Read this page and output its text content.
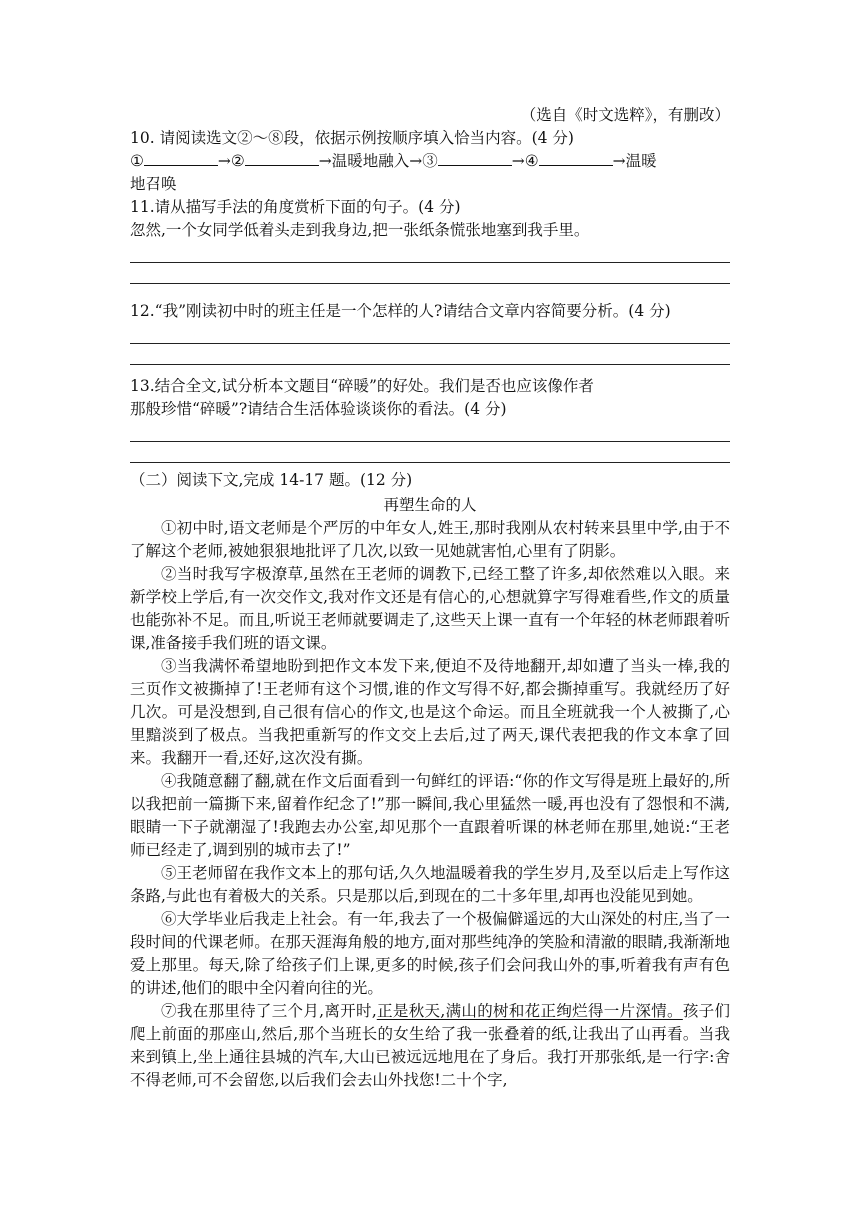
（选自《时文选粹》，有删改）
10. 请阅读选文②～⑧段，依据示例按顺序填入恰当内容。(4 分)
①	→②	→温暖地融入→③	→④	→温暖
地召唤
11.请从描写手法的角度赏析下面的句子。(4 分)
忽然,一个女同学低着头走到我身边,把一张纸条慌张地塞到我手里。
12.“我”刚读初中时的班主任是一个怎样的人?请结合文章内容简要分析。(4 分)
13.结合全文,试分析本文题目“碎暖”的好处。我们是否也应该像作者
那般珍惜“碎暖”?请结合生活体验谈谈你的看法。(4 分)
（二）阅读下文,完成 14-17 题。(12 分)
再塑生命的人

①初中时,语文老师是个严厉的中年女人,姓王,那时我刚从农村转来县里中学,由于不了解这个老师,被她狠狠地批评了几次,以致一见她就害怕,心里有了阴影。

②当时我写字极潦草,虽然在王老师的调教下,已经工整了许多,却依然难以入眼。来新学校上学后,有一次交作文,我对作文还是有信心的,心想就算字写得难看些,作文的质量也能弥补不足。而且,听说王老师就要调走了,这些天上课一直有一个年轻的林老师跟着听课,准备接手我们班的语文课。

③当我满怀希望地盼到把作文本发下来,便迫不及待地翻开,却如遭了当头一棒,我的三页作文被撕掉了!王老师有这个习惯,谁的作文写得不好,都会撕掉重写。我就经历了好几次。可是没想到,自己很有信心的作文,也是这个命运。而且全班就我一个人被撕了,心里黯淡到了极点。当我把重新写的作文交上去后,过了两天,课代表把我的作文本拿了回来。我翻开一看,还好,这次没有撕。

④我随意翻了翻,就在作文后面看到一句鲜红的评语:“你的作文写得是班上最好的,所以我把前一篇撕下来,留着作纪念了!”那一瞬间,我心里猛然一暖,再也没有了怨恨和不满,眼睛一下子就潮湿了!我跑去办公室,却见那个一直跟着听课的林老师在那里,她说:“王老师已经走了,调到别的城市去了!”

⑤王老师留在我作文本上的那句话,久久地温暖着我的学生岁月,及至以后走上写作这条路,与此也有着极大的关系。只是那以后,到现在的二十多年里,却再也没能见到她。

⑥大学毕业后我走上社会。有一年,我去了一个极偏僻遥远的大山深处的村庄,当了一段时间的代课老师。在那天涯海角般的地方,面对那些纯净的笑脸和清澈的眼睛,我渐渐地爱上那里。每天,除了给孩子们上课,更多的时候,孩子们会问我山外的事,听着我有声有色的讲述,他们的眼中全闪着向往的光。

⑦我在那里待了三个月,离开时,正是秋天,满山的树和花正绚烂得一片深情。孩子们爬上前面的那座山,然后,那个当班长的女生给了我一张叠着的纸,让我出了山再看。当我来到镇上,坐上通往县城的汽车,大山已被远远地甩在了身后。我打开那张纸,是一行字:舍不得老师,可不会留您,以后我们会去山外找您!二十个字,
